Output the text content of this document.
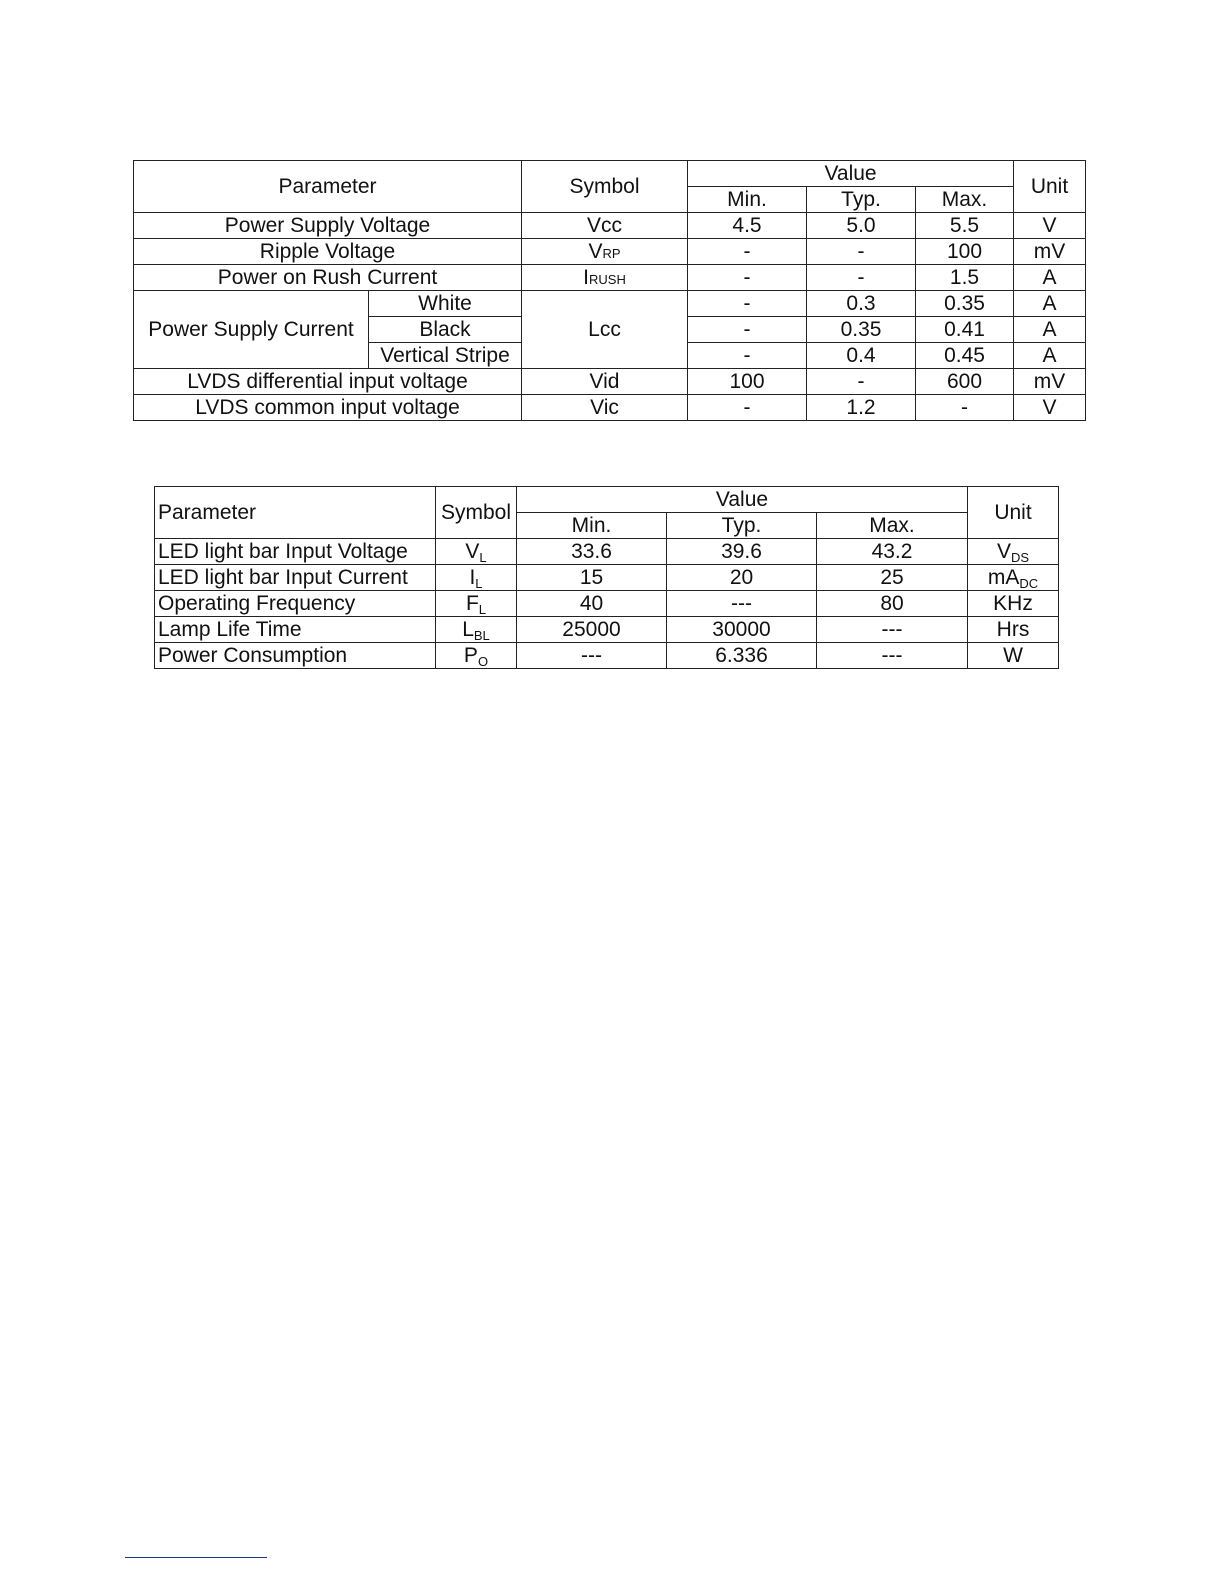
Parameter		Symbol	Value			Unit
			Min.	Typ.	Max.	
Power Supply Voltage		Vcc	4.5	5.0	5.5	V
Ripple Voltage		VRP	-	-	100	mV
Power on Rush Current		IRUSH	-	-	1.5	A
Power Supply Current	White	Lcc	-	0.3	0.35	A
	Black		-	0.35	0.41	A
	Vertical Stripe		-	0.4	0.45	A
LVDS differential input voltage		Vid	100	-	600	mV
LVDS common input voltage		Vic	-	1.2	-	V
Parameter	Symbol	Value			Unit
		Min.	Typ.	Max.	
LED light bar Input Voltage	$V_L$	33.6	39.6	43.2	$V_{DS}$
LED light bar Input Current	$I_L$	15	20	25	$mA_{DC}$
Operating Frequency	$F_L$	40	---	80	KHz
Lamp Life Time	$L_{BL}$	25000	30000	---	Hrs
Power Consumption	$P_O$	---	6.336	---	W
